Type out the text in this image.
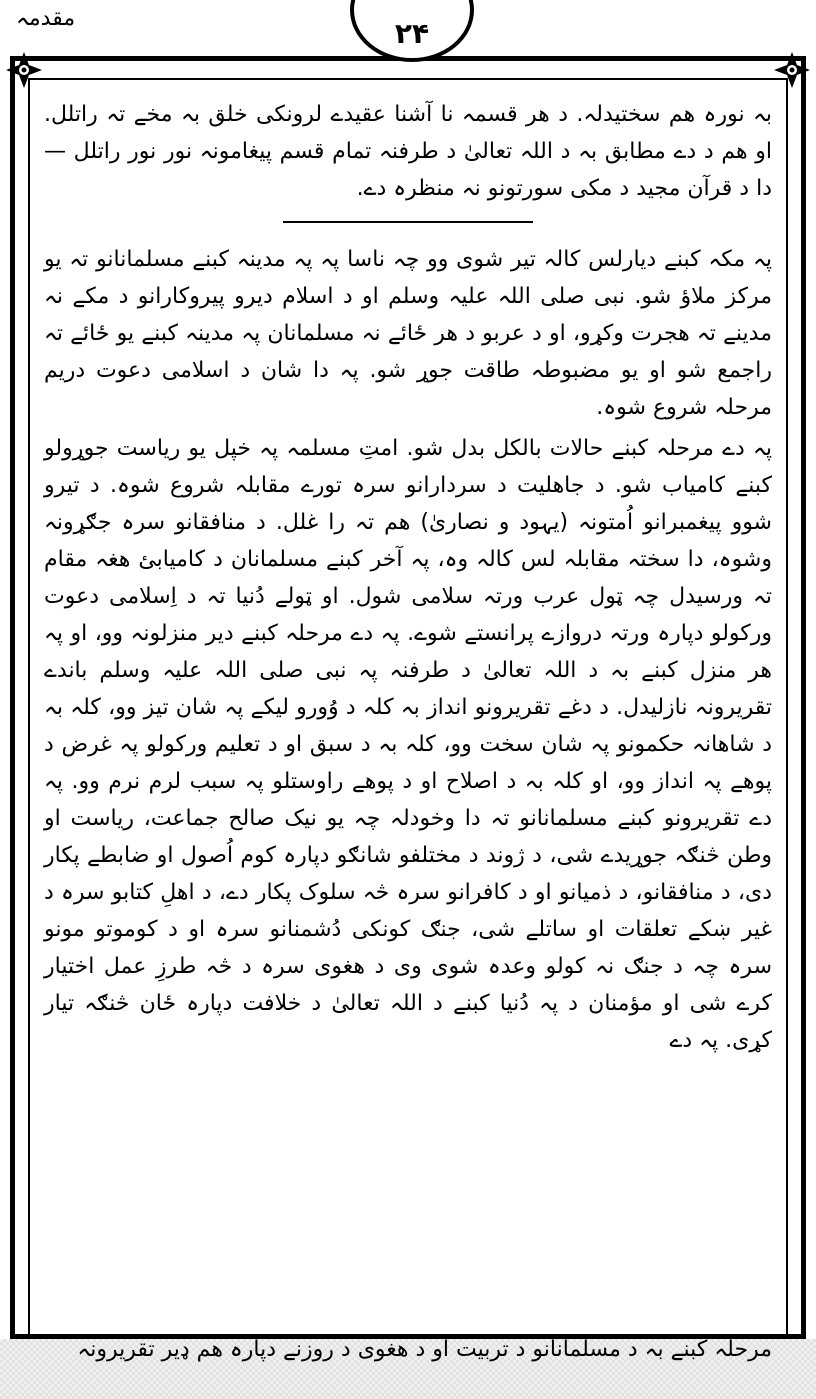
مقدمہ	۲۴

بہ نورہ ھم سختیدلہ. د ھر قسمہ نا آشنا عقیدے لرونکی خلق بہ مخے تہ راتلل. او ھم د دے مطابق بہ د اللہ تعالیٰ د طرفنہ تمام قسم پیغامونہ نور نور راتلل — دا د قرآن مجید د مکی سورتونو نہ منظرہ دے.

پہ مکہ کبنے دیارلس کالہ تیر شوی وو چہ ناسا پہ پہ مدینہ کبنے مسلمانانو تہ یو مرکز ملاؤ شو. نبی صلی اللہ علیہ وسلم او د اسلام دیرو پیروکارانو د مکے نہ مدینے تہ ھجرت وکړو، او د عربو د ھر ځائے نہ مسلمانان پہ مدینہ کبنے یو ځائے تہ راجمع شو او یو مضبوطہ طاقت جوړ شو. پہ دا شان د اسلامی دعوت دریم مرحلہ شروع شوہ.

پہ دے مرحلہ کبنے حالات بالکل بدل شو. امتِ مسلمہ پہ خپل یو ریاست جوړولو کبنے کامیاب شو. د جاھلیت د سردارانو سرہ تورے مقابلہ شروع شوہ. د تیرو شوو پیغمبرانو اُمتونہ (یہود و نصاریٰ) ھم تہ را غلل. د منافقانو سرہ جګړونہ وشوہ، دا سختہ مقابلہ لس کالہ وہ، پہ آخر کبنے مسلمانان د کامیابئ ھغہ مقام تہ ورسیدل چہ ټول عرب ورتہ سلامی شول. او ټولے دُنیا تہ د اِسلامی دعوت ورکولو دپارہ ورتہ دروازے پرانستے شوے. پہ دے مرحلہ کبنے دیر منزلونہ وو، او پہ ھر منزل کبنے بہ د اللہ تعالیٰ د طرفنہ پہ نبی صلی اللہ علیہ وسلم باندے تقریرونہ نازلیدل. د دغے تقریرونو انداز بہ کلہ د وُورو لیکے پہ شان تیز وو، کلہ بہ د شاھانہ حکمونو پہ شان سخت وو، کلہ بہ د سبق او د تعلیم ورکولو پہ غرض د پوھے پہ انداز وو، او کلہ بہ د اصلاح او د پوھے راوستلو پہ سبب لرم نرم وو. پہ دے تقریرونو کبنے مسلمانانو تہ دا وخودلہ چہ یو نیک صالح جماعت، ریاست او وطن څنګہ جوړیدے شی، د ژوند د مختلفو شانګو دپارہ کوم اُصول او ضابطے پکار دی، د منافقانو، د ذمیانو او د کافرانو سرہ څہ سلوک پکار دے، د اھلِ کتابو سرہ د غیر ښکے تعلقات او ساتلے شی، جنګ کونکی دُشمنانو سرہ او د کوموتو مونو سرہ چہ د جنګ نہ کولو وعدہ شوی وی د ھغوی سرہ د څہ طرزِ عمل اختیار کرے شی او مؤمنان د پہ دُنیا کبنے د اللہ تعالیٰ د خلافت دپارہ ځان څنګہ تیار کړی. پہ دے
